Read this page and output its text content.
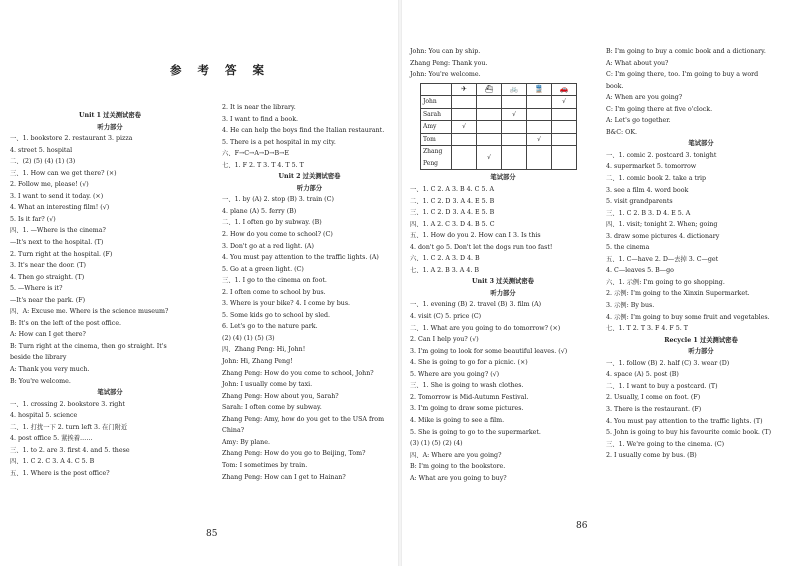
参 考 答 案
Unit 1 过关测试密卷
听力部分
一、1. bookstore 2. restaurant 3. pizza
4. street 5. hospital
二、(2) (5) (4) (1) (3)
三、1. How can we get there? (×)
2. Follow me, please! (√)
3. I want to send it today. (×)
4. What an interesting film! (√)
5. Is it far? (√)
四、1. —Where is the cinema?
—It's next to the hospital. (T)
2. Turn right at the hospital. (F)
3. It's near the door. (T)
4. Then go straight. (T)
5. —Where is it?
—It's near the park. (F)
四、A: Excuse me. Where is the science museum?
B: It's on the left of the post office.
A: How can I get there?
B: Turn right at the cinema, then go straight. It's
beside the library
A: Thank you very much.
B: You're welcome.
笔试部分
一、1. crossing 2. bookstore 3. right
4. hospital 5. science
二、1. 打扰一下 2. turn left 3. 在门附近
4. post office 5. 紧挨着……
三、1. to 2. are 3. first 4. and 5. these
四、1. C 2. C 3. A 4. C 5. B
五、1. Where is the post office?
2. It is near the library.
3. I want to find a book.
4. He can help the boys find the Italian restaurant.
5. There is a pet hospital in my city.
六、F→C→A→D→B→E
七、1. F 2. T 3. T 4. T 5. T
Unit 2 过关测试密卷
听力部分
一、1. by (A) 2. stop (B) 3. train (C)
4. plane (A) 5. ferry (B)
二、1. I often go by subway. (B)
2. How do you come to school? (C)
3. Don't go at a red light. (A)
4. You must pay attention to the traffic lights. (A)
5. Go at a green light. (C)
三、1. I go to the cinema on foot.
2. I often come to school by bus.
3. Where is your bike? 4. I come by bus.
5. Some kids go to school by sled.
6. Let's go to the nature park.
(2) (4) (1) (5) (3)
四、Zhang Peng: Hi, John!
John: Hi, Zhang Peng!
Zhang Peng: How do you come to school, John?
John: I usually come by taxi.
Zhang Peng: How about you, Sarah?
Sarah: I often come by subway.
Zhang Peng: Amy, how do you get to the USA from
China?
Amy: By plane.
Zhang Peng: How do you go to Beijing, Tom?
Tom: I sometimes by train.
Zhang Peng: How can I get to Hainan?
85
John: You can by ship.
Zhang Peng: Thank you.
John: You're welcome.
	✈	⛴	🚲	🚆	🚗
John					√
Sarah			√		
Amy	√				
Tom				√	
Zhang Peng		√			
笔试部分
一、1. C 2. A 3. B 4. C 5. A
二、1. C 2. D 3. A 4. E 5. B
三、1. C 2. D 3. A 4. E 5. B
四、1. A 2. C 3. D 4. B 5. C
五、1. How do you 2. How can I 3. Is this
4. don't go 5. Don't let the dogs run too fast!
六、1. C 2. A 3. D 4. B
七、1. A 2. B 3. A 4. B
Unit 3 过关测试密卷
听力部分
一、1. evening (B) 2. travel (B) 3. film (A)
4. visit (C) 5. price (C)
二、1. What are you going to do tomorrow? (×)
2. Can I help you? (√)
3. I'm going to look for some beautiful leaves. (√)
4. She is going to go for a picnic. (×)
5. Where are you going? (√)
三、1. She is going to wash clothes.
2. Tomorrow is Mid-Autumn Festival.
3. I'm going to draw some pictures.
4. Mike is going to see a film.
5. She is going to go to the supermarket.
(3) (1) (5) (2) (4)
四、A: Where are you going?
B: I'm going to the bookstore.
A: What are you going to buy?
B: I'm going to buy a comic book and a dictionary.
A: What about you?
C: I'm going there, too. I'm going to buy a word
book.
A: When are you going?
C: I'm going there at five o'clock.
A: Let's go together.
B&C: OK.
笔试部分
一、1. comic 2. postcard 3. tonight
4. supermarket 5. tomorrow
二、1. comic book 2. take a trip
3. see a film 4. word book
5. visit grandparents
三、1. C 2. B 3. D 4. E 5. A
四、1. visit; tonight 2. When; going
3. draw some pictures 4. dictionary
5. the cinema
五、1. C—have 2. D—去掉 3. C—get
4. C—leaves 5. B—go
六、1. 示例: I'm going to go shopping.
2. 示例: I'm going to the Xinxin Supermarket.
3. 示例: By bus.
4. 示例: I'm going to buy some fruit and vegetables.
七、1. T 2. T 3. F 4. F 5. T
Recycle 1 过关测试密卷
听力部分
一、1. follow (B) 2. half (C) 3. wear (D)
4. space (A) 5. post (B)
二、1. I want to buy a postcard. (T)
2. Usually, I come on foot. (F)
3. There is the restaurant. (F)
4. You must pay attention to the traffic lights. (T)
5. John is going to buy his favourite comic book. (T)
三、1. We're going to the cinema. (C)
2. I usually come by bus. (B)
86
